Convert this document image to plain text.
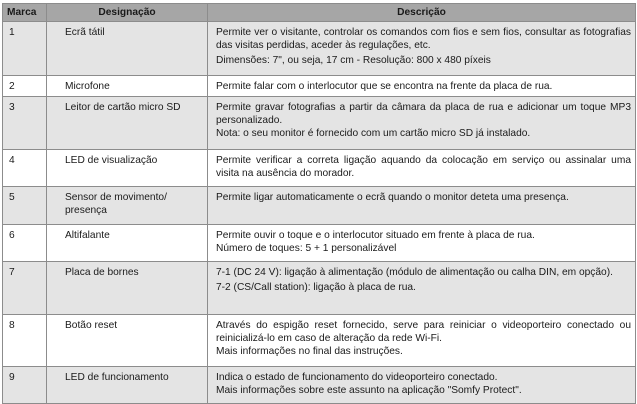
Marca	Designação	Descrição
1	Ecrã tátil	Permite ver o visitante, controlar os comandos com fios e sem fios, consultar as fotografias das visitas perdidas, aceder às regulações, etc.
Dimensões: 7", ou seja, 17 cm - Resolução: 800 x 480 píxeis

2	Microfone	Permite falar com o interlocutor que se encontra na frente da placa de rua.

3	Leitor de cartão micro SD	Permite gravar fotografias a partir da câmara da placa de rua e adicionar um toque MP3 personalizado.
Nota: o seu monitor é fornecido com um cartão micro SD já instalado.

4	LED de visualização	Permite verificar a correta ligação aquando da colocação em serviço ou assinalar uma visita na ausência do morador.

5	Sensor de movimento/ presença	Permite ligar automaticamente o ecrã quando o monitor deteta uma presença.

6	Altifalante	Permite ouvir o toque e o interlocutor situado em frente à placa de rua.
Número de toques: 5 + 1 personalizável

7	Placa de bornes	7-1 (DC 24 V): ligação à alimentação (módulo de alimentação ou calha DIN, em opção).
7-2 (CS/Call station): ligação à placa de rua.

8	Botão reset	Através do espigão reset fornecido, serve para reiniciar o videoporteiro conectado ou reinicializá-lo em caso de alteração da rede Wi-Fi.
Mais informações no final das instruções.

9	LED de funcionamento	Indica o estado de funcionamento do videoporteiro conectado.
Mais informações sobre este assunto na aplicação "Somfy Protect".
